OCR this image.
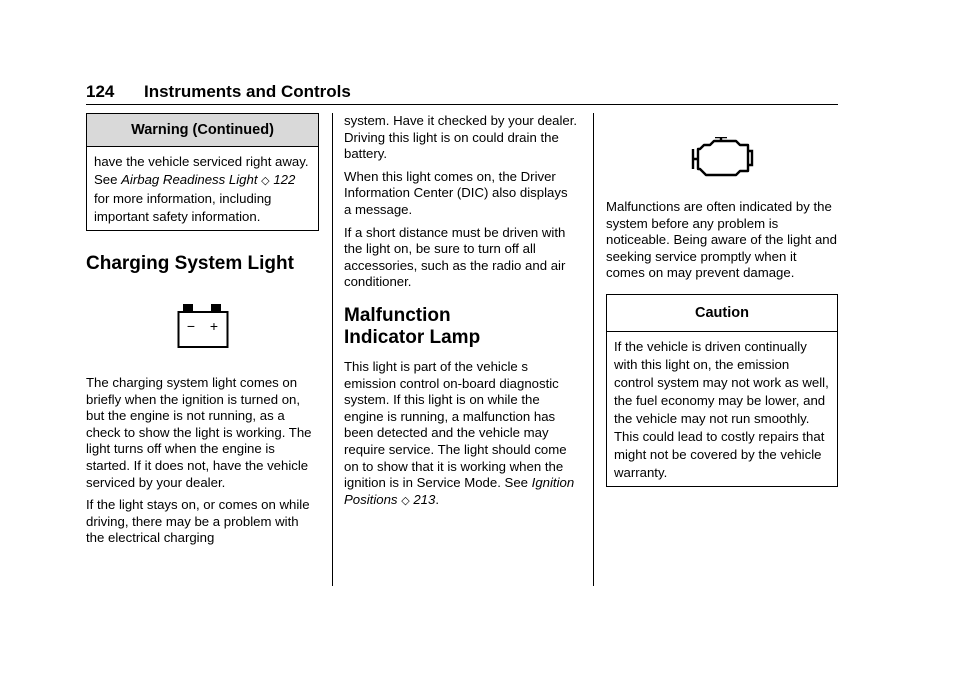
124 Instruments and Controls
Warning (Continued)

have the vehicle serviced right away. See Airbag Readiness Light ◇ 122 for more information, including important safety information.

Charging System Light
− +

The charging system light comes on briefly when the ignition is turned on, but the engine is not running, as a check to show the light is working. The light turns off when the engine is started. If it does not, have the vehicle serviced by your dealer.

If the light stays on, or comes on while driving, there may be a problem with the electrical charging

system. Have it checked by your dealer. Driving this light is on could drain the battery.

When this light comes on, the Driver Information Center (DIC) also displays a message.

If a short distance must be driven with the light on, be sure to turn off all accessories, such as the radio and air conditioner.

Malfunction
Indicator Lamp

This light is part of the vehicle s emission control on-board diagnostic system. If this light is on while the engine is running, a malfunction has been detected and the vehicle may require service. The light should come on to show that it is working when the ignition is in Service Mode. See Ignition Positions ◇ 213.

Malfunctions are often indicated by the system before any problem is noticeable. Being aware of the light and seeking service promptly when it comes on may prevent damage.

Caution

If the vehicle is driven continually with this light on, the emission control system may not work as well, the fuel economy may be lower, and the vehicle may not run smoothly. This could lead to costly repairs that might not be covered by the vehicle warranty.
